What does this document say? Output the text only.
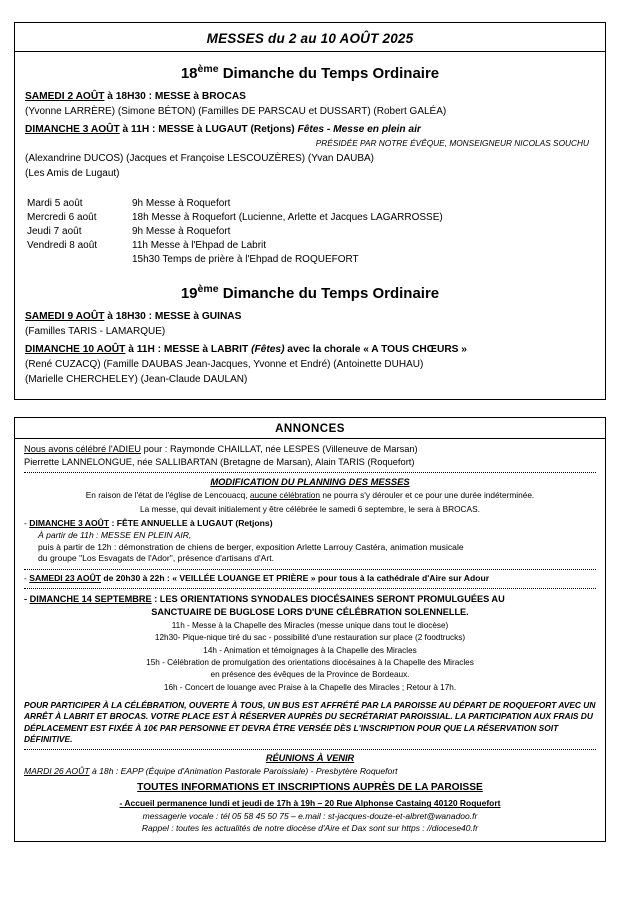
MESSES du 2 au 10 AOÛT 2025
18ème Dimanche du Temps Ordinaire
SAMEDI 2 AOÛT à 18H30 : MESSE à BROCAS
(Yvonne LARRÈRE) (Simone BÉTON) (Familles DE PARSCAU et DUSSART) (Robert GALÉA)
DIMANCHE 3 AOÛT à 11H : MESSE à LUGAUT (Retjons) Fêtes - Messe en plein air
PRÉSIDÉE PAR NOTRE ÉVÊQUE, MONSEIGNEUR NICOLAS SOUCHU
(Alexandrine DUCOS) (Jacques et Françoise LESCOUZÈRES) (Yvan DAUBA)
(Les Amis de Lugaut)
Mardi 5 août	9h Messe à Roquefort
Mercredi 6 août	18h Messe à Roquefort (Lucienne, Arlette et Jacques LAGARROSSE)
Jeudi 7 août	9h Messe à Roquefort
Vendredi 8 août	11h Messe à l'Ehpad de Labrit
	15h30 Temps de prière à l'Ehpad de ROQUEFORT
19ème Dimanche du Temps Ordinaire
SAMEDI 9 AOÛT à 18H30 : MESSE à GUINAS
(Familles TARIS - LAMARQUE)
DIMANCHE 10 AOÛT à 11H : MESSE à LABRIT (Fêtes) avec la chorale « A TOUS CHŒURS »
(René CUZACQ) (Famille DAUBAS Jean-Jacques, Yvonne et Endré) (Antoinette DUHAU)
(Marielle CHERCHELEY) (Jean-Claude DAULAN)
ANNONCES
Nous avons célébré l'ADIEU pour : Raymonde CHAILLAT, née LESPES (Villeneuve de Marsan)
Pierrette LANNELONGUE, née SALLIBARTAN (Bretagne de Marsan), Alain TARIS (Roquefort)
MODIFICATION DU PLANNING DES MESSES
En raison de l'état de l'église de Lencouacq, aucune célébration ne pourra s'y dérouler et ce pour une durée indéterminée.
La messe, qui devait initialement y être célébrée le samedi 6 septembre, le sera à BROCAS.
- DIMANCHE 3 AOÛT : FÊTE ANNUELLE à LUGAUT (Retjons)
À partir de 11h : MESSE EN PLEIN AIR,
puis à partir de 12h : démonstration de chiens de berger, exposition Arlette Larrouy Castéra, animation musicale
du groupe "Los Esvagats de l'Ador", présence d'artisans d'Art.
- SAMEDI 23 AOÛT de 20h30 à 22h : « VEILLÉE LOUANGE ET PRIÈRE » pour tous à la cathédrale d'Aire sur Adour
- DIMANCHE 14 SEPTEMBRE : LES ORIENTATIONS SYNODALES DIOCÉSAINES SERONT PROMULGUÉES AU
SANCTUAIRE DE BUGLOSE LORS D'UNE CÉLÉBRATION SOLENNELLE.
11h - Messe à la Chapelle des Miracles (messe unique dans tout le diocèse)
12h30- Pique-nique tiré du sac - possibilité d'une restauration sur place (2 foodtrucks)
14h - Animation et témoignages à la Chapelle des Miracles
15h - Célébration de promulgation des orientations diocésaines à la Chapelle des Miracles
en présence des évêques de la Province de Bordeaux.
16h - Concert de louange avec Praise à la Chapelle des Miracles ; Retour à 17h.
POUR PARTICIPER À LA CÉLÉBRATION, OUVERTE À TOUS, UN BUS EST AFFRÉTÉ PAR LA PAROISSE AU DÉPART DE ROQUEFORT AVEC UN ARRÊT À LABRIT ET BROCAS. VOTRE PLACE EST À RÉSERVER AUPRÈS DU SECRÉTARIAT PAROISSIAL. LA PARTICIPATION AUX FRAIS DU DÉPLACEMENT EST FIXÉE À 10€ PAR PERSONNE ET DEVRA ÊTRE VERSÉE DÈS L'INSCRIPTION POUR QUE LA RÉSERVATION SOIT DÉFINITIVE.
RÉUNIONS À VENIR
MARDI 26 AOÛT à 18h : EAPP (Équipe d'Animation Pastorale Paroissiale) - Presbytère Roquefort
TOUTES INFORMATIONS ET INSCRIPTIONS AUPRÈS DE LA PAROISSE
- Accueil permanence lundi et jeudi de 17h à 19h – 20 Rue Alphonse Castaing 40120 Roquefort
messagerie vocale : tél 05 58 45 50 75 – e.mail : st-jacques-douze-et-albret@wanadoo.fr
Rappel : toutes les actualités de notre diocèse d'Aire et Dax sont sur https : //diocese40.fr
